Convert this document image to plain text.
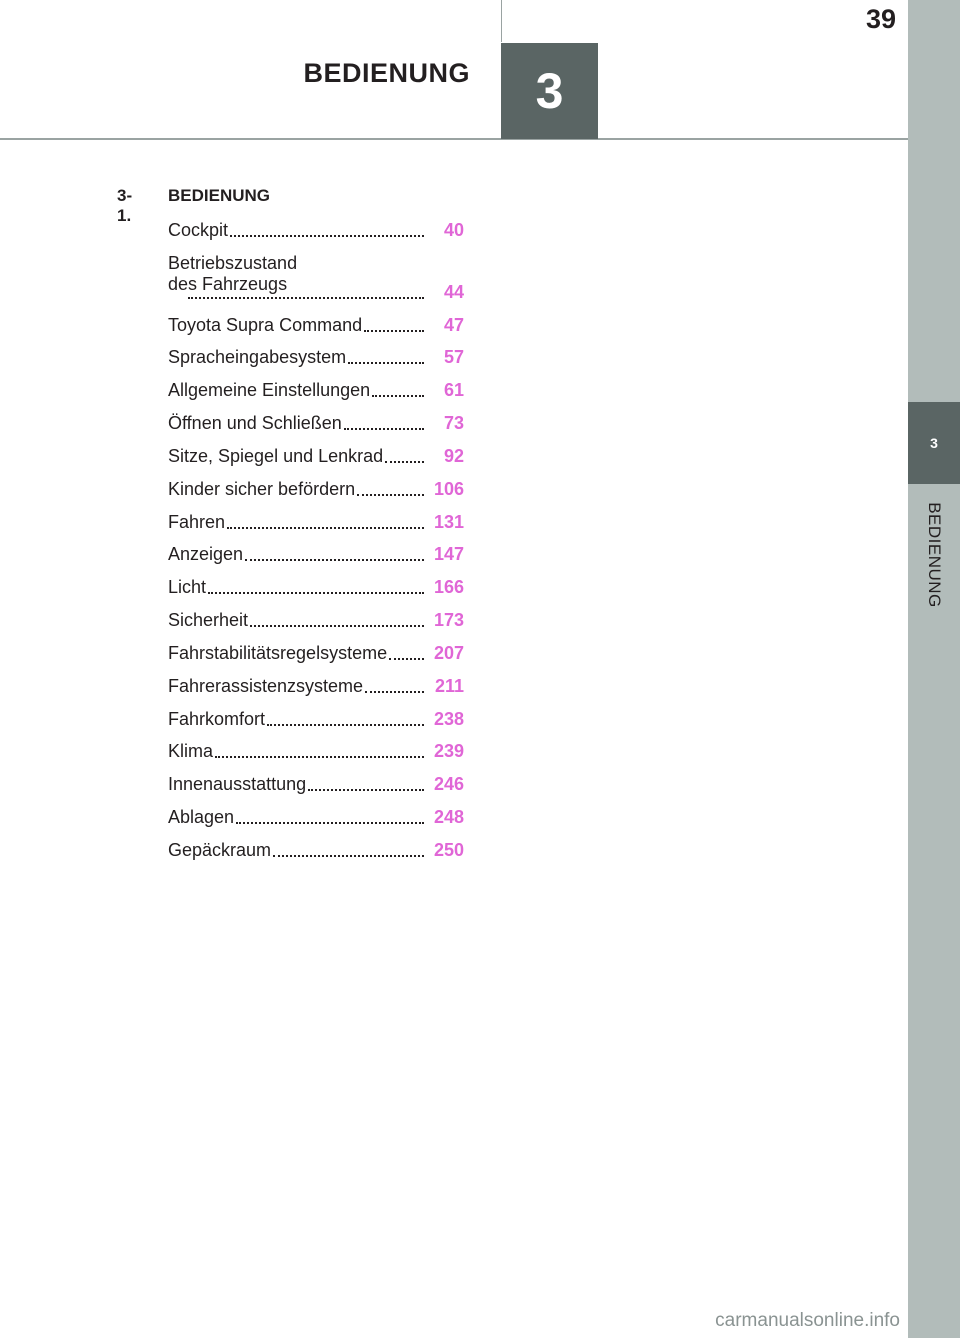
BEDIENUNG	3
39
3
BEDIENUNG
3-1.
BEDIENUNG
Cockpit	40
Betriebszustand des Fahrzeugs	44
Toyota Supra Command	47
Spracheingabesystem	57
Allgemeine Einstellungen	61
Öffnen und Schließen	73
Sitze, Spiegel und Lenkrad	92
Kinder sicher befördern	106
Fahren	131
Anzeigen	147
Licht	166
Sicherheit	173
Fahrstabilitätsregelsysteme	207
Fahrerassistenzsysteme	211
Fahrkomfort	238
Klima	239
Innenausstattung	246
Ablagen	248
Gepäckraum	250
carmanualsonline.info
